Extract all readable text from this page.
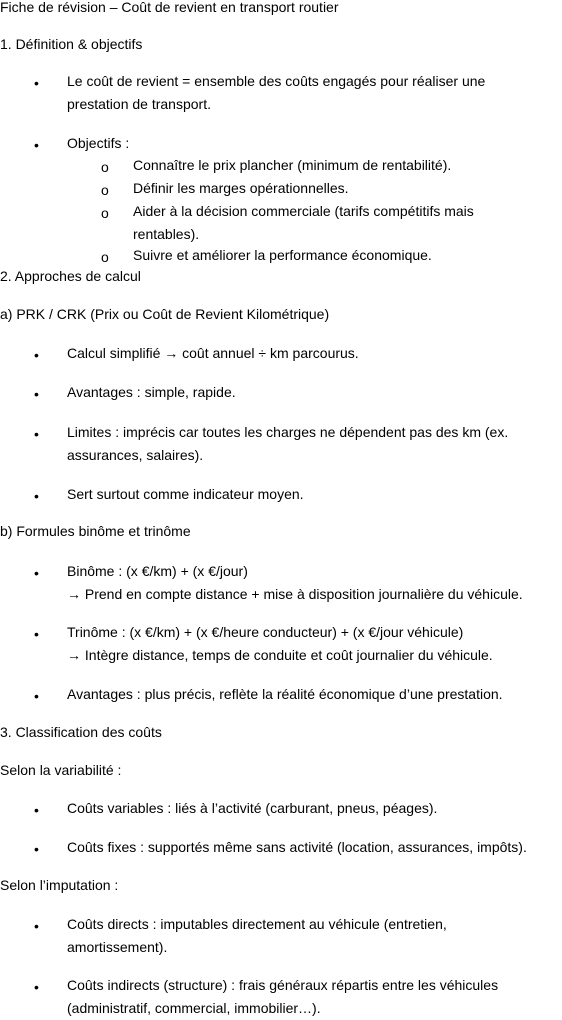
Fiche de révision – Coût de revient en transport routier
1. Définition & objectifs
• Le coût de revient = ensemble des coûts engagés pour réaliser une
prestation de transport.
• Objectifs :
o Connaître le prix plancher (minimum de rentabilité).
o Définir les marges opérationnelles.
o Aider à la décision commerciale (tarifs compétitifs mais
rentables).
o Suivre et améliorer la performance économique.
2. Approches de calcul
a) PRK / CRK (Prix ou Coût de Revient Kilométrique)
• Calcul simplifié → coût annuel ÷ km parcourus.
• Avantages : simple, rapide.
• Limites : imprécis car toutes les charges ne dépendent pas des km (ex.
assurances, salaires).
• Sert surtout comme indicateur moyen.
b) Formules binôme et trinôme
• Binôme : (x €/km) + (x €/jour)
→ Prend en compte distance + mise à disposition journalière du véhicule.
• Trinôme : (x €/km) + (x €/heure conducteur) + (x €/jour véhicule)
→ Intègre distance, temps de conduite et coût journalier du véhicule.
• Avantages : plus précis, reflète la réalité économique d’une prestation.
3. Classification des coûts
Selon la variabilité :
• Coûts variables : liés à l’activité (carburant, pneus, péages).
• Coûts fixes : supportés même sans activité (location, assurances, impôts).
Selon l’imputation :
• Coûts directs : imputables directement au véhicule (entretien,
amortissement).
• Coûts indirects (structure) : frais généraux répartis entre les véhicules
(administratif, commercial, immobilier…).
